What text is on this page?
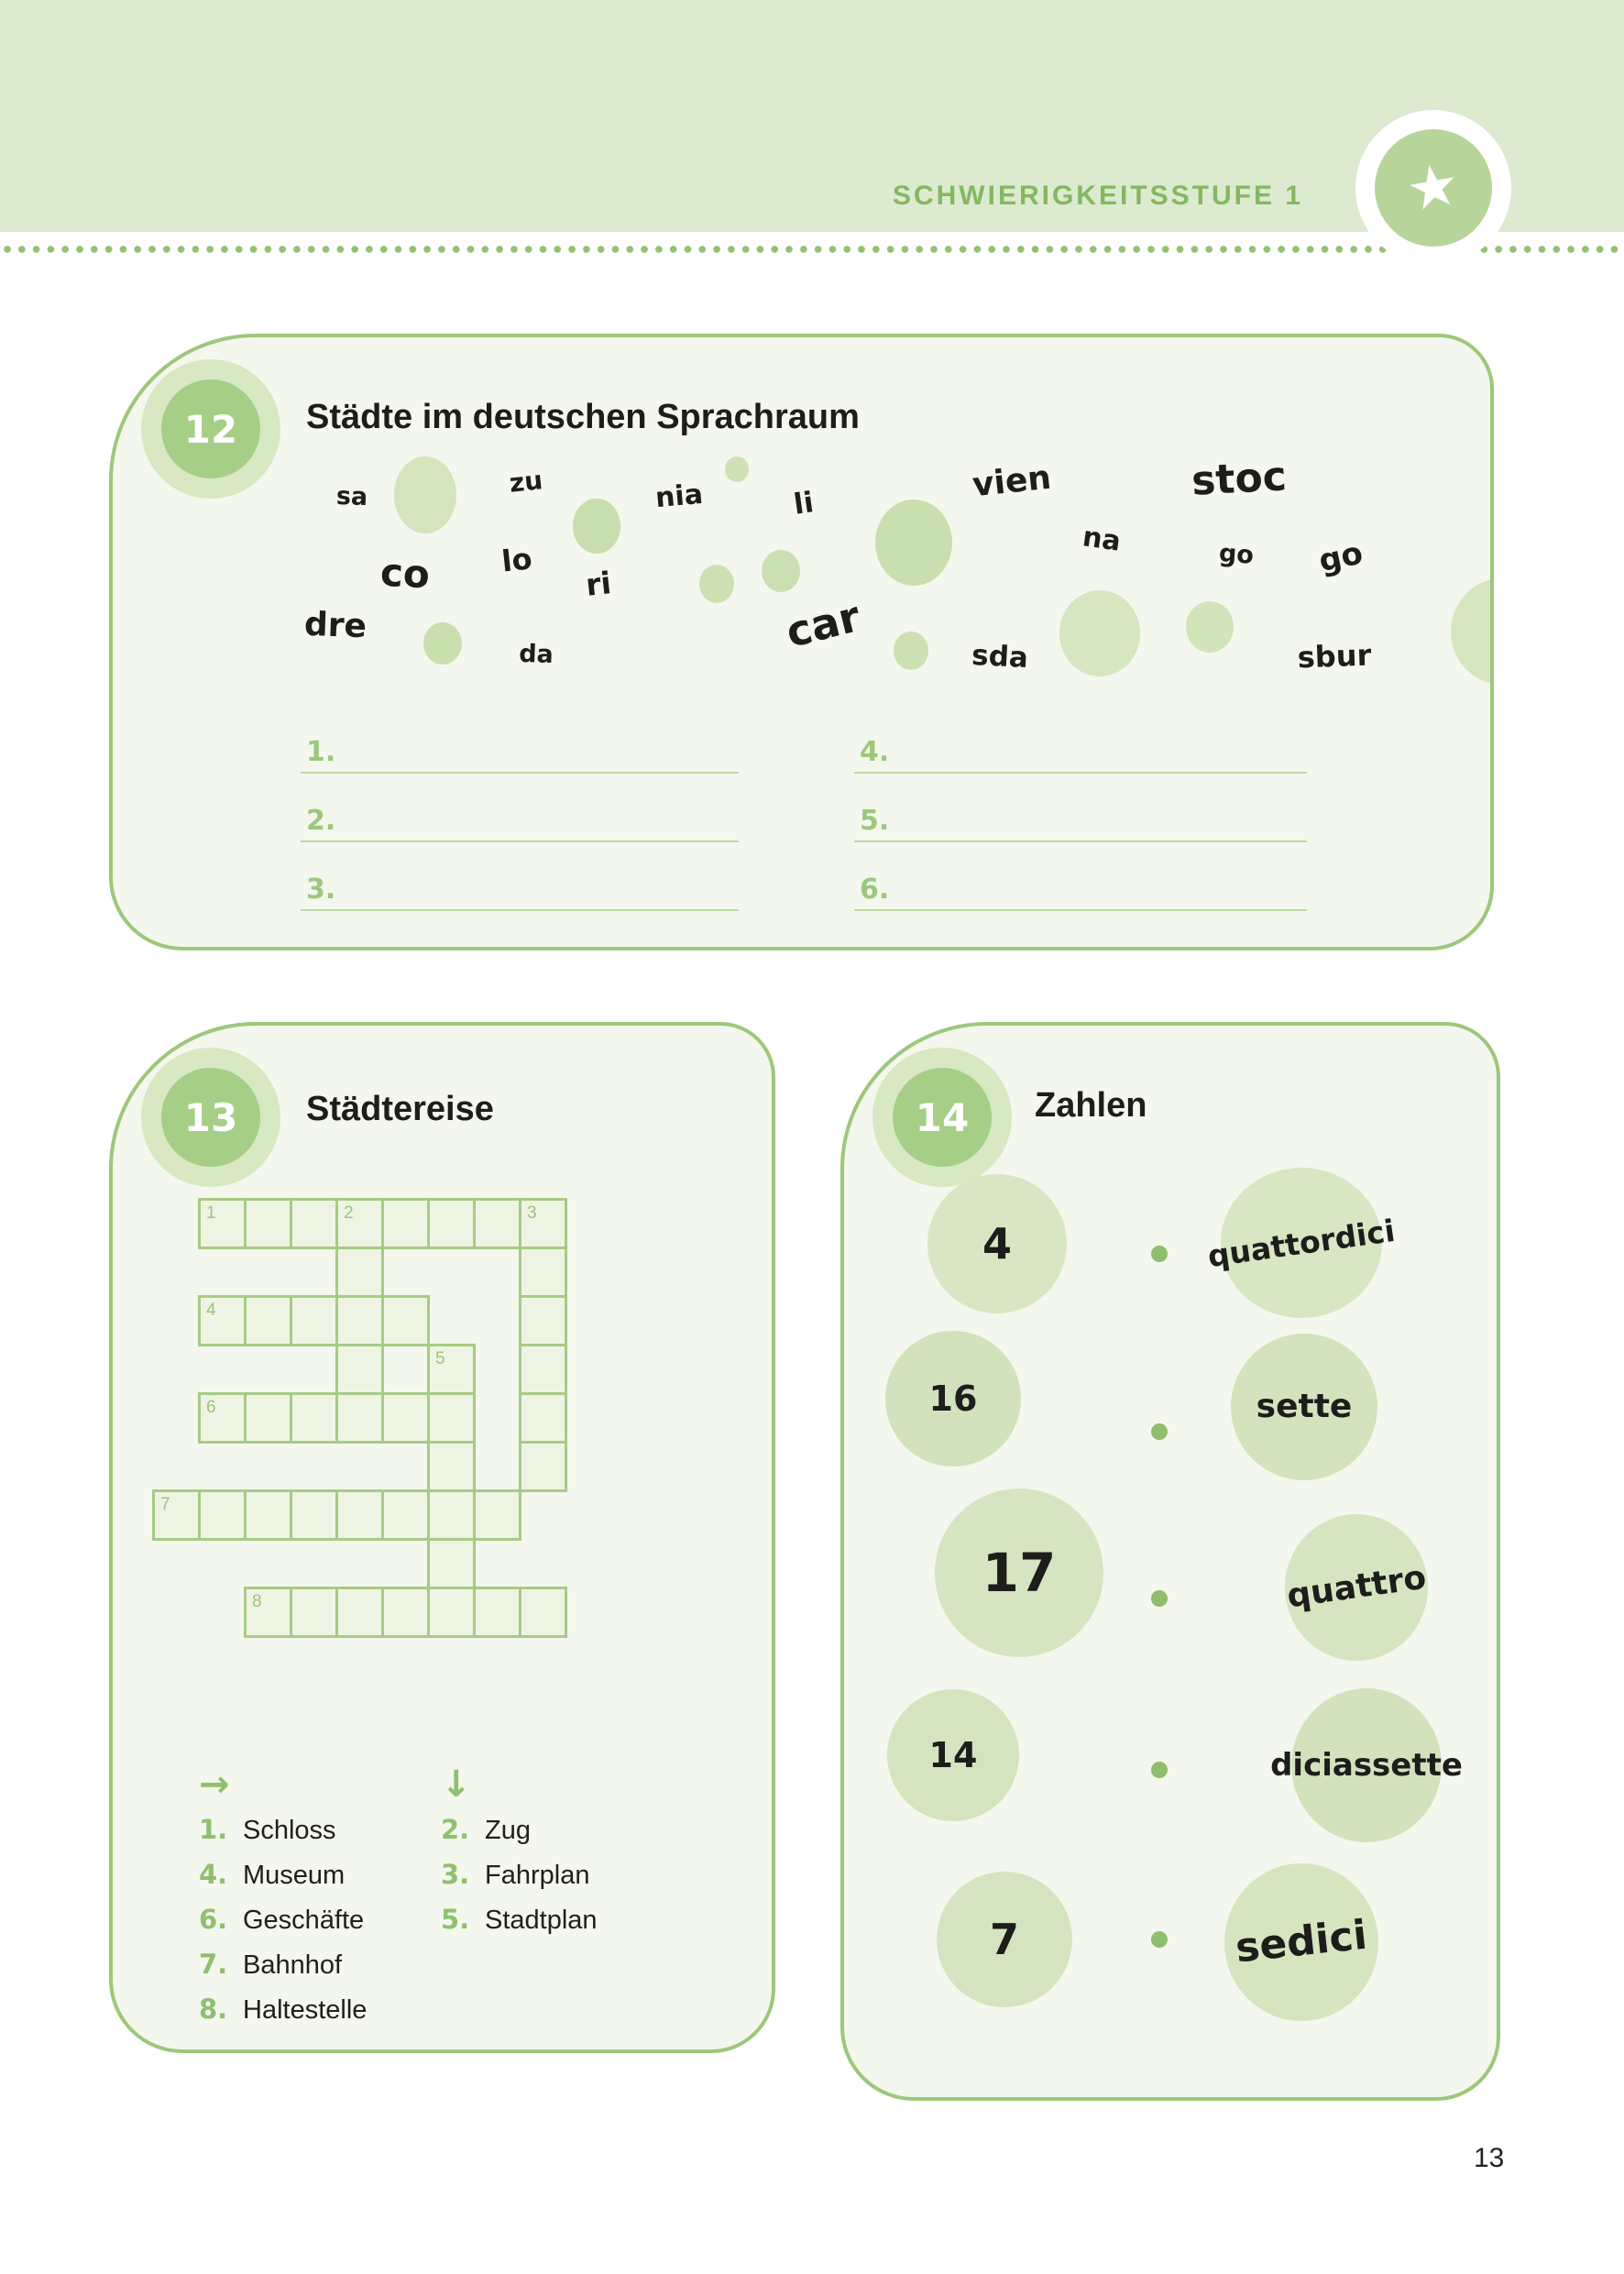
SCHWIERIGKEITSSTUFE 1 ★
sa	zu	nia	li	vien	stoc
na	go go
co lo
ri
dre
da	car	sda	sbur
12	Städte im deutschen Sprachraum
1.
2.
3.
4.
5.
6.
13	Städtereise
1	2	3
4
5
6
7
8
→	↓
1. Schloss
4. Museum
6. Geschäfte
7. Bahnhof
8. Haltestelle
2. Zug
3. Fahrplan
5. Stadtplan
14	Zahlen
4	quattordici
16	sette
17	quattro
14	diciassette
7	sedici
13
